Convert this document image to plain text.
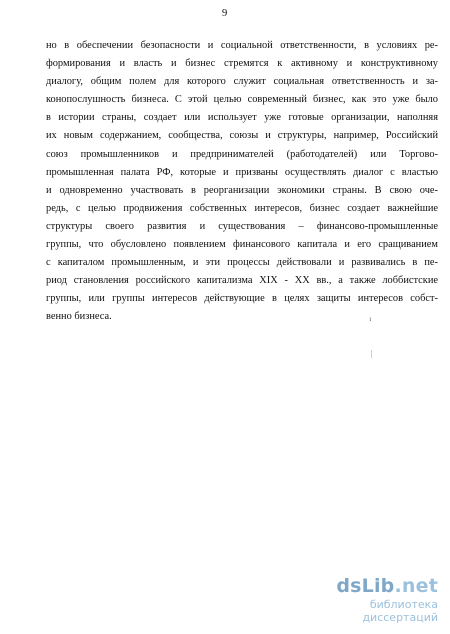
9
но в обеспечении безопасности и социальной ответственности, в условиях ре-
формирования и власть и бизнес стремятся к активному и конструктивному
диалогу, общим полем для которого служит социальная ответственность и за-
конопослушность бизнеса. С этой целью современный бизнес, как это уже было
в истории страны, создает или использует уже готовые организации, наполняя
их новым содержанием, сообщества, союзы и структуры, например, Российский
союз промышленников и предпринимателей (работодателей) или Торгово-
промышленная палата РФ, которые и призваны осуществлять диалог с властью
и одновременно участвовать в реорганизации экономики страны. В свою оче-
редь, с целью продвижения собственных интересов, бизнес создает важнейшие
структуры своего развития и существования – финансово-промышленные
группы, что обусловлено появлением финансового капитала и его сращиванием
с капиталом промышленным, и эти процессы действовали и развивались в пе-
риод становления российского капитализма XIX - XX вв., а также лоббистские
группы, или группы интересов действующие в целях защиты интересов собст-
венно бизнеса.	1
dsLib.net
библиотека диссертаций
